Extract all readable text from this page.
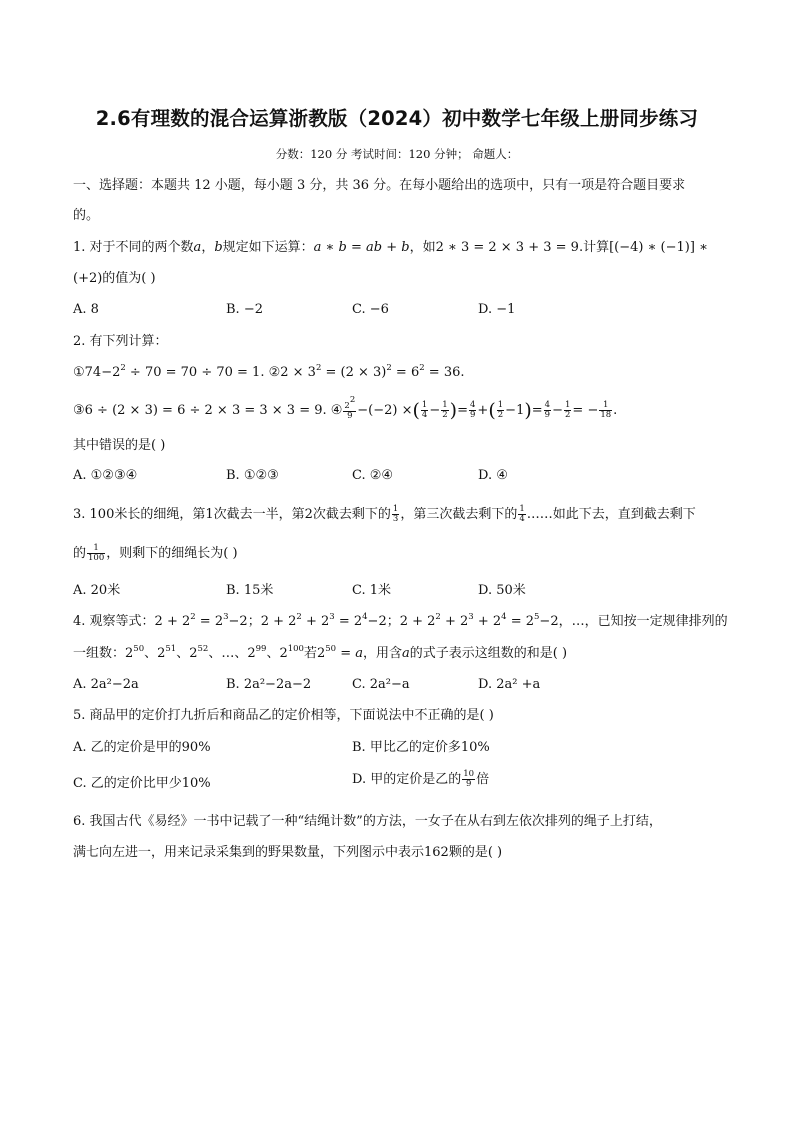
2.6有理数的混合运算浙教版（2024）初中数学七年级上册同步练习
分数：120 分 考试时间：120 分钟； 命题人：
一、选择题：本题共 12 小题，每小题 3 分，共 36 分。在每小题给出的选项中，只有一项是符合题目要求
的。
1. 对于不同的两个数a，b规定如下运算：a ∗ b = ab + b，如2 ∗ 3 = 2 × 3 + 3 = 9.计算[(−4) ∗ (−1)] ∗
(+2)的值为( )
A. 8	B. −2	C. −6	D. −1
2. 有下列计算：
$①74-2^2 \div 70 = 70 \div 70 = 1$. ②2 × $3^2 = (2 \times 3)^2 = 6^2 = 36$.
③6 ÷ (2 × 3) = 6 ÷ 2 × 3 = 3 × 3 = 9. ④ $\frac{2^2}{9} -(-2)$ ×( $\frac{1}{4} - \frac{1}{2}$ )= $\frac{4}{9}$ +( $\frac{1}{2} -1)= \frac{4}{9} - \frac{1}{2}$ = − $\frac{1}{18}$ .
其中错误的是( )
A. ①②③④	B. ①②③	C. ②④	D. ④
3. 100米长的细绳，第1次截去一半，第2次截去剩下的 $\frac{1}{3}$ ，第三次截去剩下的 $\frac{1}{4}$ ……如此下去，直到截去剩下
的 $\frac{1}{100}$ ，则剩下的细绳长为( )
A. 20米	B. 15米	C. 1米	D. 50米
4. 观察等式：$2 + 2^2 = 2^3-2$；$2 + 2^2 + 2^3 = 2^4-2$；$2 + 2^2 + 2^3 + 2^4 = 2^5-2$，…，已知按一定规律排列的
一组数：$2^{50}$、$2^{51}$、$2^{52}$、…、$2^{99}$、$2^{100}$若$2^{50} = a$，用含a的式子表示这组数的和是( )
A. 2a²−2a	B. 2a²−2a−2	C. 2a²−a	D. 2a² +a
5. 商品甲的定价打九折后和商品乙的定价相等，下面说法中不正确的是( )
A. 乙的定价是甲的90%	B. 甲比乙的定价多10%
C. 乙的定价比甲少10%	D. 甲的定价是乙的 $\frac{10}{9}$ 倍
6. 我国古代《易经》一书中记载了一种“结绳计数”的方法，一女子在从右到左依次排列的绳子上打结，
满七向左进一，用来记录采集到的野果数量，下列图示中表示162颗的是( )
